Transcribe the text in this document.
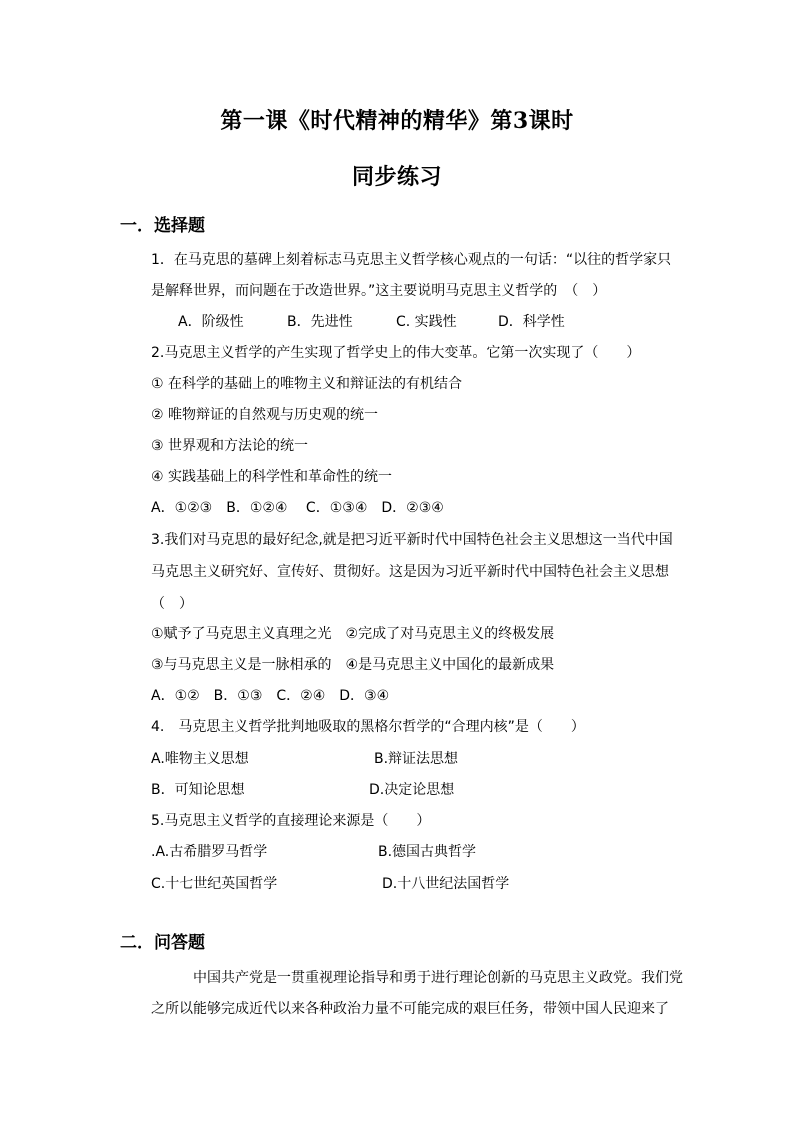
第一课《时代精神的精华》第3课时
同步练习
一．选择题
1．在马克思的墓碑上刻着标志马克思主义哲学核心观点的一句话：“以往的哲学家只
是解释世界，而问题在于改造世界。”这主要说明马克思主义哲学的　（　）
A．阶级性	B．先进性	C. 实践性	D．科学性
2.马克思主义哲学的产生实现了哲学史上的伟大变革。它第一次实现了（　　）
① 在科学的基础上的唯物主义和辩证法的有机结合
② 唯物辩证的自然观与历史观的统一
③ 世界观和方法论的统一
④ 实践基础上的科学性和革命性的统一
A．①②③　B．①②④　 C．①③④　D．②③④
3.我们对马克思的最好纪念,就是把习近平新时代中国特色社会主义思想这一当代中国
马克思主义研究好、宣传好、贯彻好。这是因为习近平新时代中国特色社会主义思想
（　）
①赋予了马克思主义真理之光　②完成了对马克思主义的终极发展
③与马克思主义是一脉相承的　④是马克思主义中国化的最新成果
A．①②　B．①③　C．②④　D．③④
4.　马克思主义哲学批判地吸取的黑格尔哲学的“合理内核”是（　　）
A.唯物主义思想	B.辩证法思想
B．可知论思想	D.决定论思想
5.马克思主义哲学的直接理论来源是（　　）
.A.古希腊罗马哲学	B.德国古典哲学
C.十七世纪英国哲学	D.十八世纪法国哲学
二．问答题
　　　中国共产党是一贯重视理论指导和勇于进行理论创新的马克思主义政党。我们党
之所以能够完成近代以来各种政治力量不可能完成的艰巨任务，带领中国人民迎来了
